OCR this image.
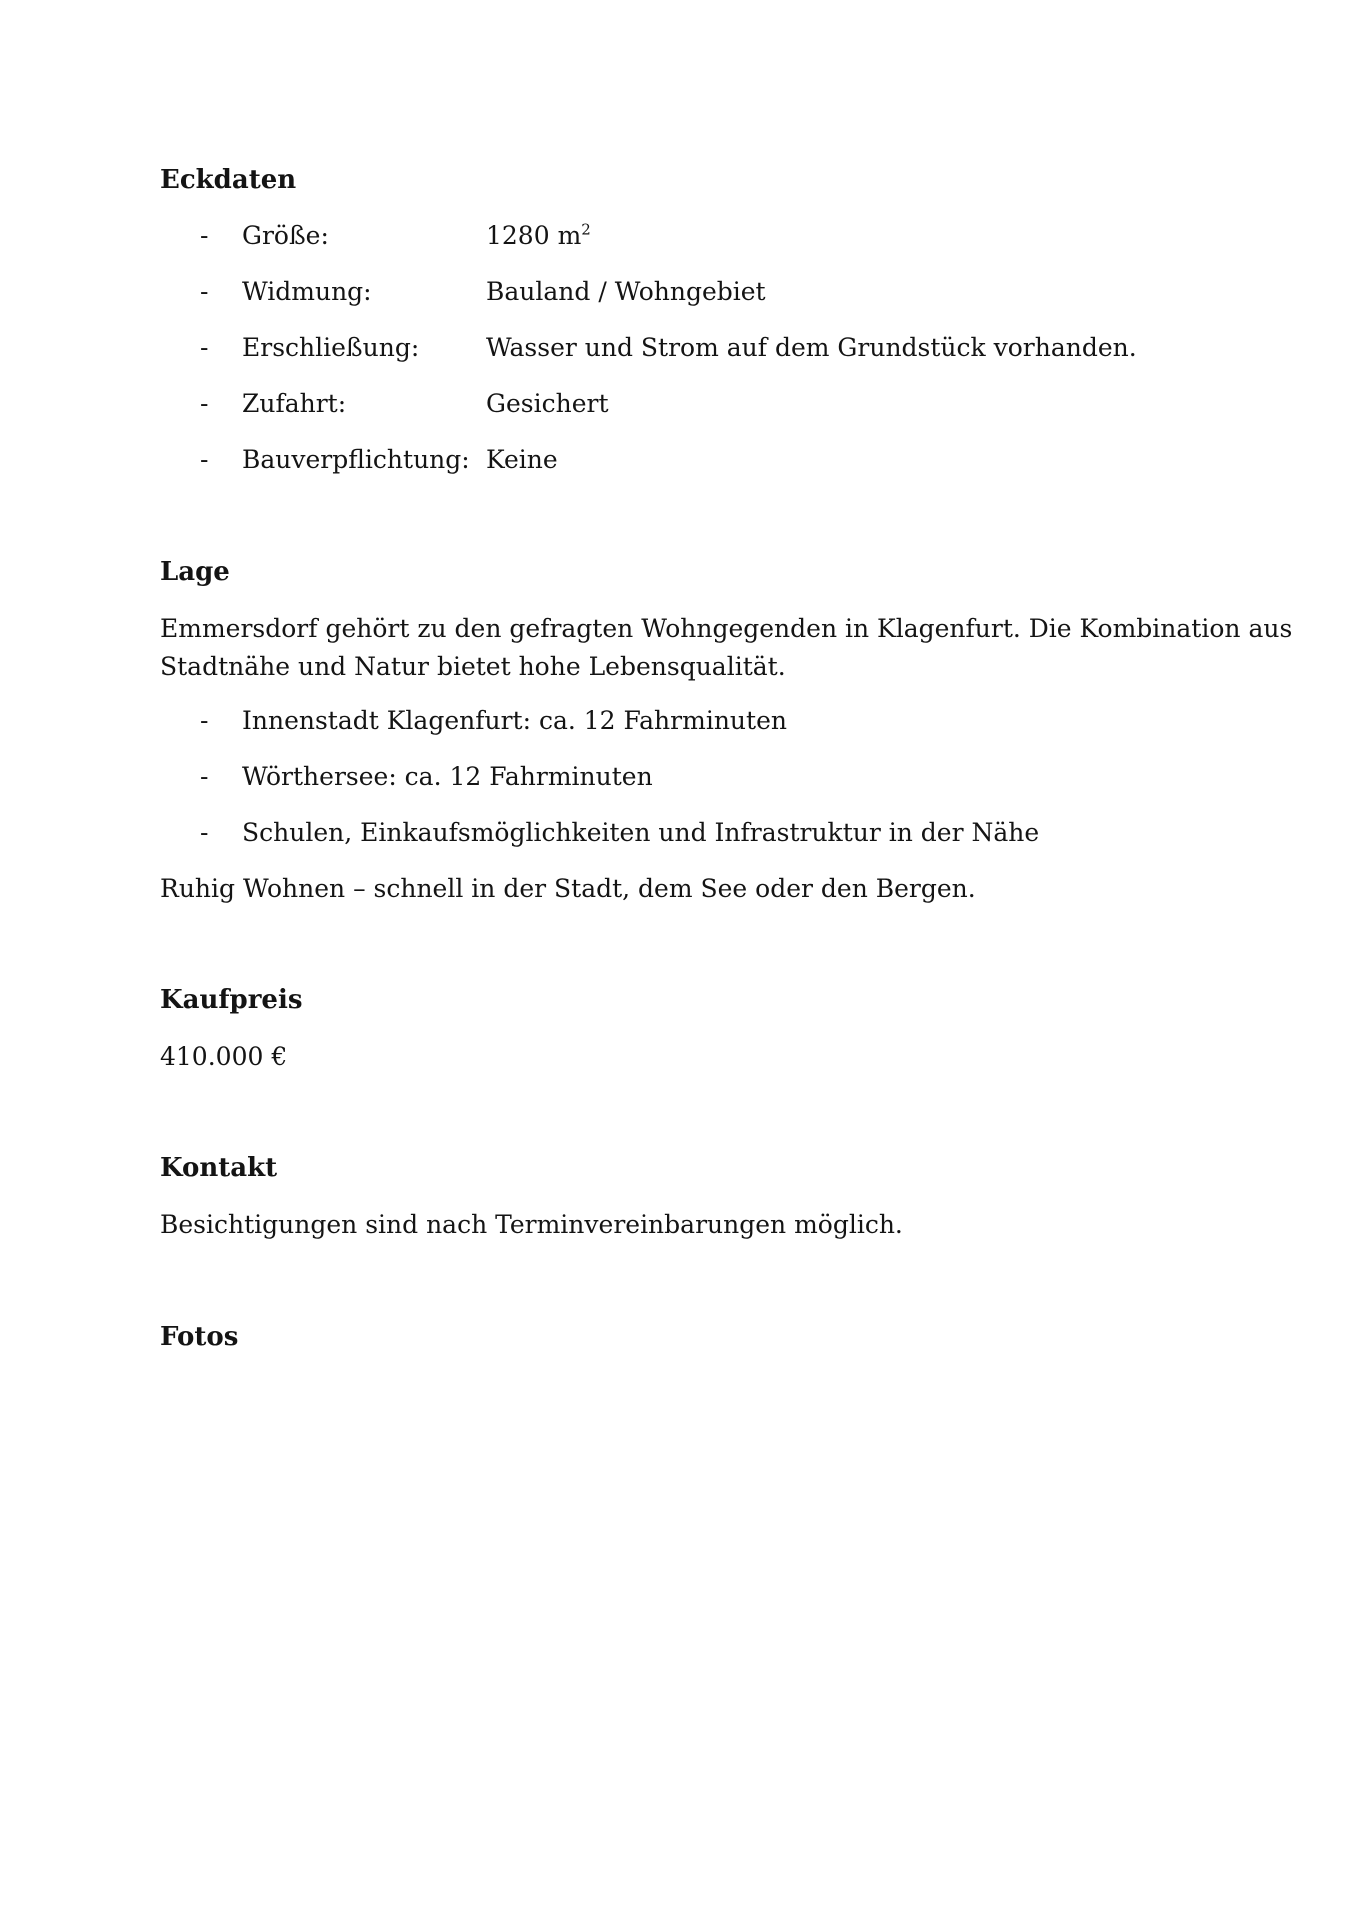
Eckdaten
- Größe:	1280 $m^2$
- Widmung:	Bauland / Wohngebiet
- Erschließung:	Wasser und Strom auf dem Grundstück vorhanden.
- Zufahrt:	Gesichert
- Bauverpflichtung: Keine
Lage

Emmersdorf gehört zu den gefragten Wohngegenden in Klagenfurt. Die Kombination aus

Stadtnähe und Natur bietet hohe Lebensqualität.

- Innenstadt Klagenfurt: ca. 12 Fahrminuten
- Wörthersee: ca. 12 Fahrminuten
- Schulen, Einkaufsmöglichkeiten und Infrastruktur in der Nähe

Ruhig Wohnen – schnell in der Stadt, dem See oder den Bergen.

Kaufpreis

410.000 €

Kontakt

Besichtigungen sind nach Terminvereinbarungen möglich.

Fotos
